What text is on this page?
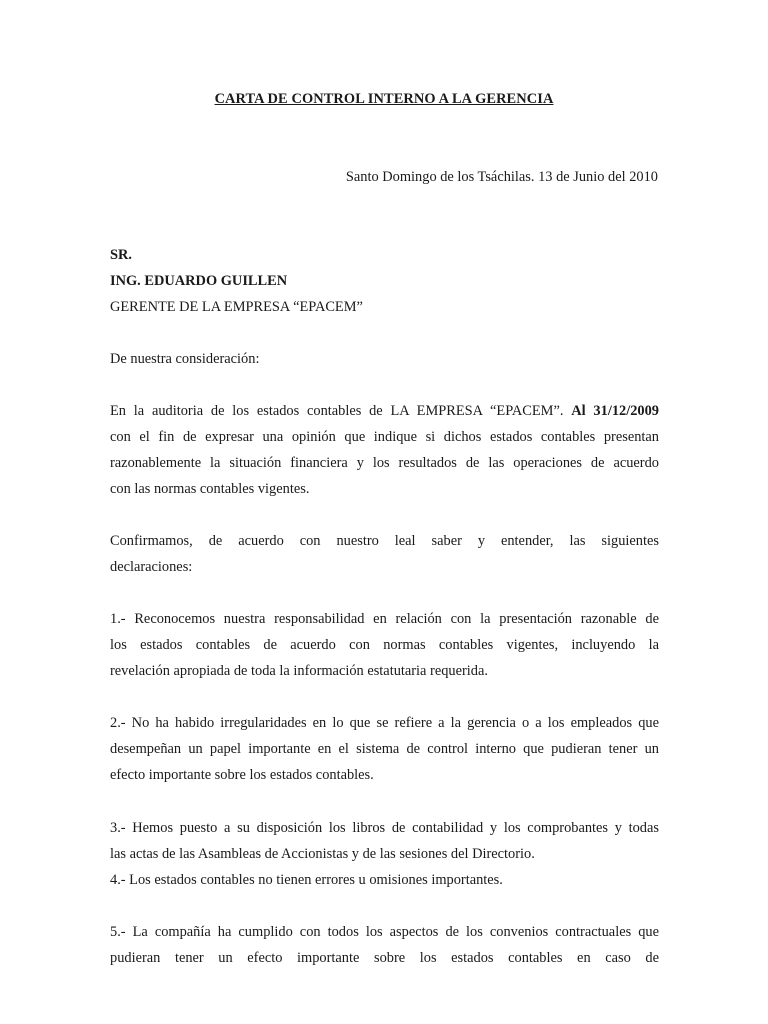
CARTA DE CONTROL INTERNO A LA GERENCIA
Santo Domingo de los Tsáchilas. 13 de Junio del 2010
SR.
ING. EDUARDO GUILLEN
GERENTE DE LA EMPRESA “EPACEM”
De nuestra consideración:
En la auditoria de los estados contables de LA EMPRESA “EPACEM”. Al 31/12/2009
con el fin de expresar una opinión que indique si dichos estados contables presentan
razonablemente la situación financiera y los resultados de las operaciones de acuerdo
con las normas contables vigentes.
Confirmamos, de acuerdo con nuestro leal saber y entender, las siguientes
declaraciones:
1.- Reconocemos nuestra responsabilidad en relación con la presentación razonable de
los estados contables de acuerdo con normas contables vigentes, incluyendo la
revelación apropiada de toda la información estatutaria requerida.
2.- No ha habido irregularidades en lo que se refiere a la gerencia o a los empleados que
desempeñan un papel importante en el sistema de control interno que pudieran tener un
efecto importante sobre los estados contables.
3.- Hemos puesto a su disposición los libros de contabilidad y los comprobantes y todas
las actas de las Asambleas de Accionistas y de las sesiones del Directorio.
4.- Los estados contables no tienen errores u omisiones importantes.
5.- La compañía ha cumplido con todos los aspectos de los convenios contractuales que
pudieran tener un efecto importante sobre los estados contables en caso de
